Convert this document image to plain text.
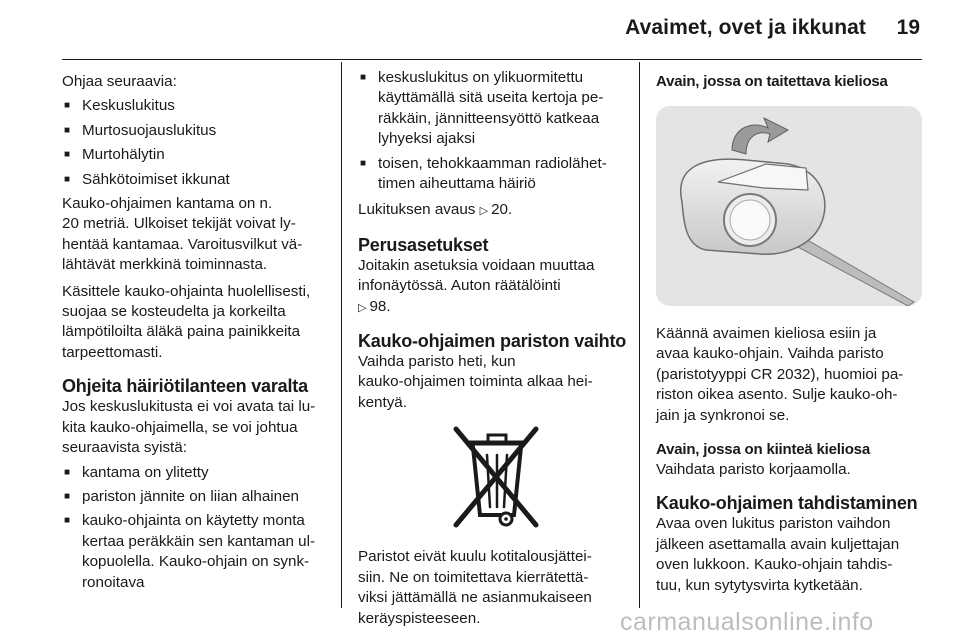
Avaimet, ovet ja ikkunat 19

Ohjaa seuraavia:

■ Keskuslukitus
■ Murtosuojauslukitus
■ Murtohälytin
■ Sähkötoimiset ikkunat

Kauko-ohjaimen kantama on n.
20 metriä. Ulkoiset tekijät voivat ly-
hentää kantamaa. Varoitusvilkut vä-
lähtävät merkkinä toiminnasta.

Käsittele kauko-ohjainta huolellisesti,
suojaa se kosteudelta ja korkeilta
lämpötiloilta äläkä paina painikkeita
tarpeettomasti.

Ohjeita häiriötilanteen varalta

Jos keskuslukitusta ei voi avata tai lu-
kita kauko-ohjaimella, se voi johtua
seuraavista syistä:

■ kantama on ylitetty
■ pariston jännite on liian alhainen
■ kauko-ohjainta on käytetty monta
kertaa peräkkäin sen kantaman ul-
kopuolella. Kauko-ohjain on synk-
ronoitava
■ keskuslukitus on ylikuormitettu
käyttämällä sitä useita kertoja pe-
räkkäin, jännitteensyöttö katkeaa
lyhyeksi ajaksi
■ toisen, tehokkaamman radiolähet-
timen aiheuttama häiriö

Lukituksen avaus ▷ 20.

Perusasetukset

Joitakin asetuksia voidaan muuttaa
infonäytössä. Auton räätälöinti
▷ 98.

Kauko-ohjaimen pariston vaihto

Vaihda paristo heti, kun
kauko-ohjaimen toiminta alkaa hei-
kentyä.

Paristot eivät kuulu kotitalousjättei-
siin. Ne on toimitettava kierrätettä-
viksi jättämällä ne asianmukaiseen
keräyspisteeseen.

Avain, jossa on taitettava kieliosa

Käännä avaimen kieliosa esiin ja
avaa kauko-ohjain. Vaihda paristo
(paristotyyppi CR 2032), huomioi pa-
riston oikea asento. Sulje kauko-oh-
jain ja synkronoi se.

Avain, jossa on kiinteä kieliosa

Vaihdata paristo korjaamolla.

Kauko-ohjaimen tahdistaminen

Avaa oven lukitus pariston vaihdon
jälkeen asettamalla avain kuljettajan
oven lukkoon. Kauko-ohjain tahdis-
tuu, kun sytytysvirta kytketään.

carmanualsonline.info
